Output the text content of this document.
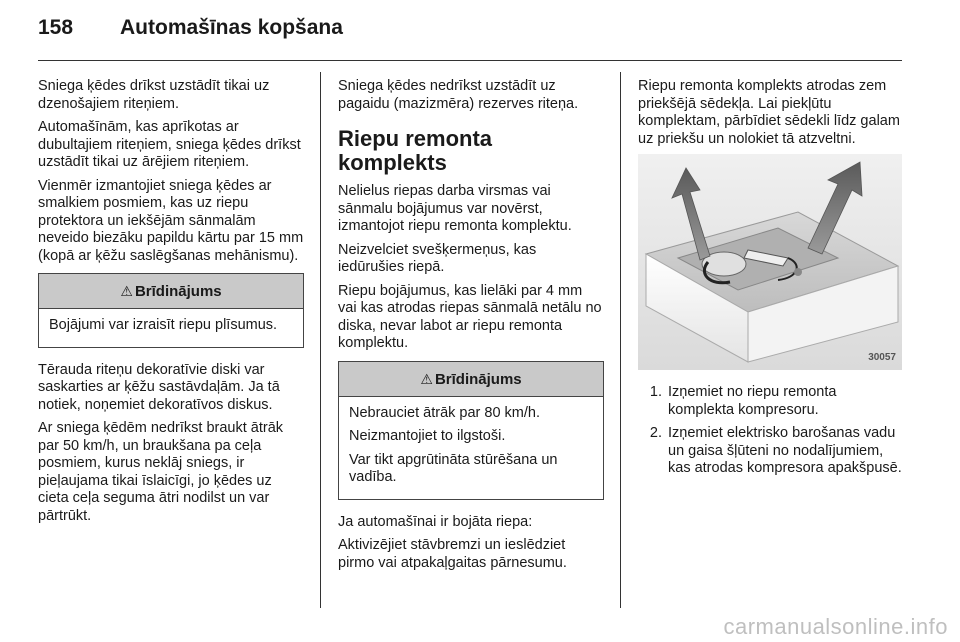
158 Automašīnas kopšana

Sniega ķēdes drīkst uzstādīt tikai uz dzenošajiem riteņiem.

Automašīnām, kas aprīkotas ar dubultajiem riteņiem, sniega ķēdes drīkst uzstādīt tikai uz ārējiem riteņiem.

Vienmēr izmantojiet sniega ķēdes ar smalkiem posmiem, kas uz riepu protektora un iekšējām sānmalām neveido biezāku papildu kārtu par 15 mm (kopā ar ķēžu saslēgšanas mehānismu).

⚠ Brīdinājums

Bojājumi var izraisīt riepu plīsumus.

Tērauda riteņu dekoratīvie diski var saskarties ar ķēžu sastāvdaļām. Ja tā notiek, noņemiet dekoratīvos diskus.

Ar sniega ķēdēm nedrīkst braukt ātrāk par 50 km/h, un braukšana pa ceļa posmiem, kurus neklāj sniegs, ir pieļaujama tikai īslaicīgi, jo ķēdes uz cieta ceļa seguma ātri nodilst un var pārtrūkt.

Sniega ķēdes nedrīkst uzstādīt uz pagaidu (mazizmēra) rezerves riteņa.

Riepu remonta komplekts

Nelielus riepas darba virsmas vai sānmalu bojājumus var novērst, izmantojot riepu remonta komplektu.

Neizvelciet svešķermeņus, kas iedūrušies riepā.

Riepu bojājumus, kas lielāki par 4 mm vai kas atrodas riepas sānmalā netālu no diska, nevar labot ar riepu remonta komplektu.

⚠ Brīdinājums

Nebrauciet ātrāk par 80 km/h.

Neizmantojiet to ilgstoši.

Var tikt apgrūtināta stūrēšana un vadība.

Ja automašīnai ir bojāta riepa:

Aktivizējiet stāvbremzi un ieslēdziet pirmo vai atpakaļgaitas pārnesumu.

Riepu remonta komplekts atrodas zem priekšējā sēdekļa. Lai piekļūtu komplektam, pārbīdiet sēdekli līdz galam uz priekšu un nolokiet tā atzveltni.

30057
1. Izņemiet no riepu remonta komplekta kompresoru.
2. Izņemiet elektrisko barošanas vadu un gaisa šļūteni no nodalījumiem, kas atrodas kompresora apakšpusē.
carmanualsonline.info
